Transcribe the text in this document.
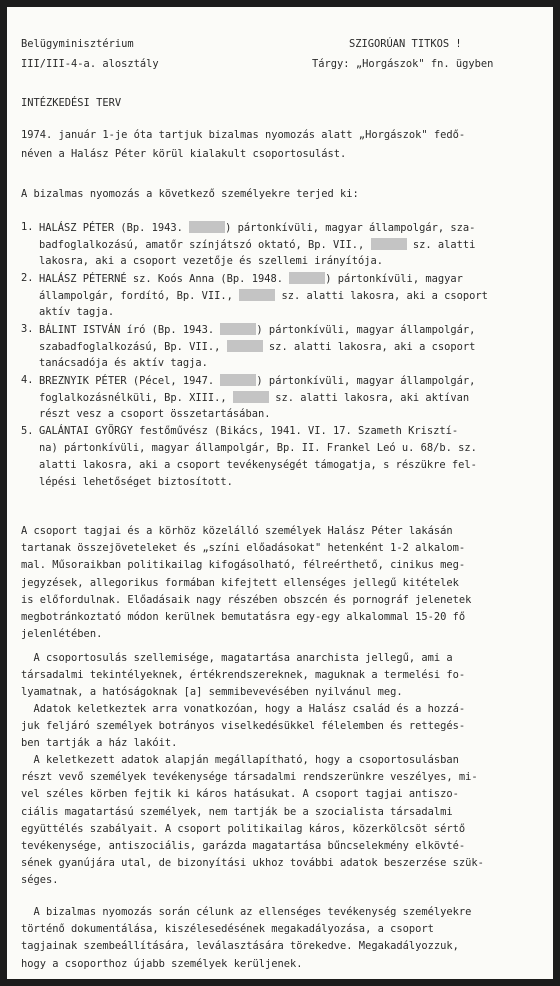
Belügyminisztérium
III/III-4-a. alosztály
SZIGORÚAN TITKOS !
Tárgy: „Horgászok" fn. ügyben
INTÉZKEDÉSI TERV
1974. január 1-je óta tartjuk bizalmas nyomozás alatt „Horgászok" fedő-
néven a Halász Péter körül kialakult csoportosulást.
A bizalmas nyomozás a következő személyekre terjed ki:
1. HALÁSZ PÉTER (Bp. 1943.	) pártonkívüli, magyar állampolgár, sza-
badfoglalkozású, amatőr színjátszó oktató, Bp. VII.,	sz. alatti
lakosra, aki a csoport vezetője és szellemi irányítója.
2. HALÁSZ PÉTERNÉ sz. Koós Anna (Bp. 1948.	) pártonkívüli, magyar
állampolgár, fordító, Bp. VII.,	sz. alatti lakosra, aki a csoport
aktív tagja.
3. BÁLINT ISTVÁN író (Bp. 1943.	) pártonkívüli, magyar állampolgár,
szabadfoglalkozású, Bp. VII.,	sz. alatti lakosra, aki a csoport
tanácsadója és aktív tagja.
4. BREZNYIK PÉTER (Pécel, 1947.	) pártonkívüli, magyar állampolgár,
foglalkozásnélküli, Bp. XIII.,	sz. alatti lakosra, aki aktívan
részt vesz a csoport összetartásában.
5. GALÁNTAI GYÖRGY festőművész (Bikács, 1941. VI. 17. Szameth Krisztí-
na) pártonkívüli, magyar állampolgár, Bp. II. Frankel Leó u. 68/b. sz.
alatti lakosra, aki a csoport tevékenységét támogatja, s részükre fel-
lépési lehetőséget biztosított.
A csoport tagjai és a körhöz közelálló személyek Halász Péter lakásán
tartanak összejöveteleket és „színi előadásokat" hetenként 1-2 alkalom-
mal. Műsoraikban politikailag kifogásolható, félreérthető, cinikus meg-
jegyzések, allegorikus formában kifejtett ellenséges jellegű kitételek
is előfordulnak. Előadásaik nagy részében obszcén és pornográf jelenetek
megbotránkoztató módon kerülnek bemutatásra egy-egy alkalommal 15-20 fő
jelenlétében.
A csoportosulás szellemisége, magatartása anarchista jellegű, ami a
társadalmi tekintélyeknek, értékrendszereknek, maguknak a termelési fo-
lyamatnak, a hatóságoknak [a] semmibevevésében nyilvánul meg.
Adatok keletkeztek arra vonatkozóan, hogy a Halász család és a hozzá-
juk feljáró személyek botrányos viselkedésükkel félelemben és rettegés-
ben tartják a ház lakóit.
A keletkezett adatok alapján megállapítható, hogy a csoportosulásban
részt vevő személyek tevékenysége társadalmi rendszerünkre veszélyes, mi-
vel széles körben fejtik ki káros hatásukat. A csoport tagjai antiszo-
ciális magatartású személyek, nem tartják be a szocialista társadalmi
együttélés szabályait. A csoport politikailag káros, közerkölcsöt sértő
tevékenysége, antiszociális, garázda magatartása bűncselekmény elkövté-
sének gyanújára utal, de bizonyítási ukhoz további adatok beszerzése szük-
séges.
A bizalmas nyomozás során célunk az ellenséges tevékenység személyekre
történő dokumentálása, kiszélesedésének megakadályozása, a csoport
tagjainak szembeállítására, leválasztására törekedve. Megakadályozzuk,
hogy a csoporthoz újabb személyek kerüljenek.
